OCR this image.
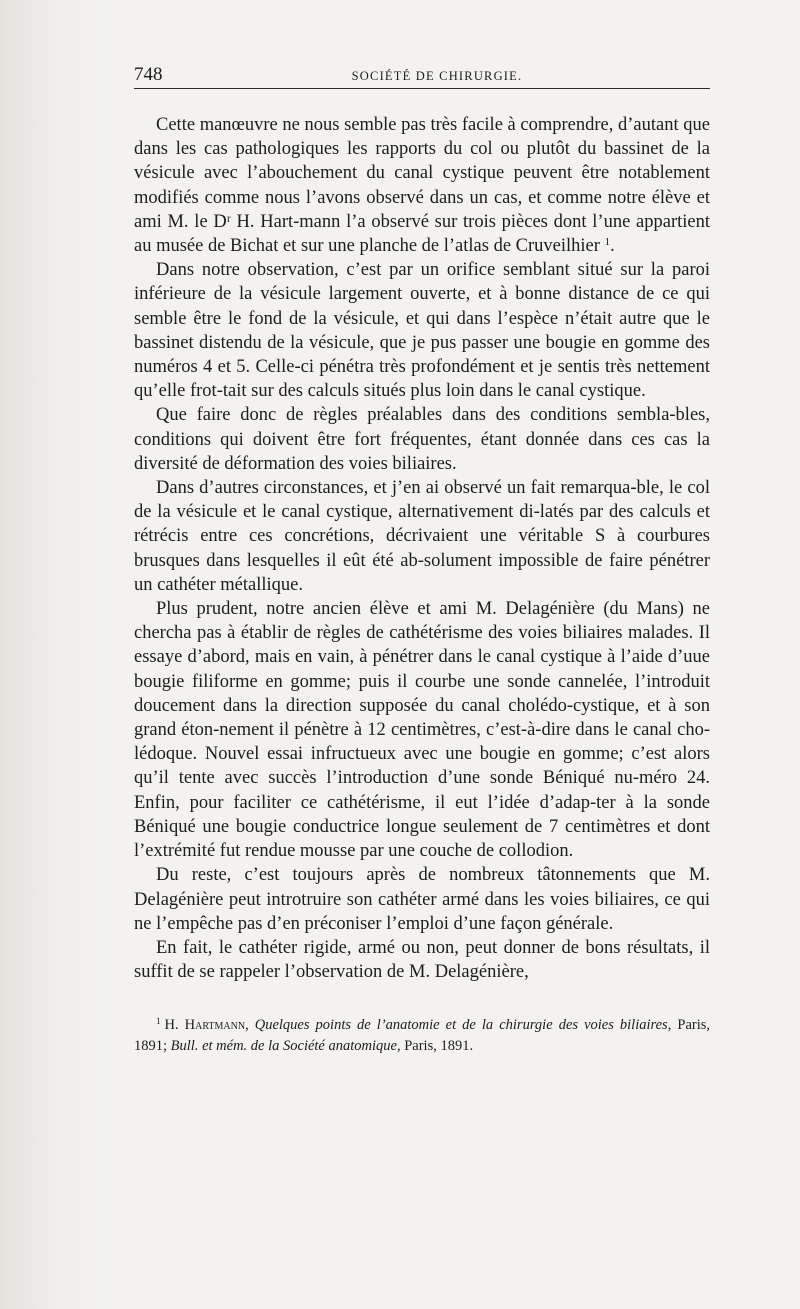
748	SOCIÉTÉ DE CHIRURGIE.

Cette manœuvre ne nous semble pas très facile à comprendre, d’autant que dans les cas pathologiques les rapports du col ou plutôt du bassinet de la vésicule avec l’abouchement du canal cystique peuvent être notablement modifiés comme nous l’avons observé dans un cas, et comme notre élève et ami M. le Dʳ H. Hart-mann l’a observé sur trois pièces dont l’une appartient au musée de Bichat et sur une planche de l’atlas de Cruveilhier $^1$.

Dans notre observation, c’est par un orifice semblant situé sur la paroi inférieure de la vésicule largement ouverte, et à bonne distance de ce qui semble être le fond de la vésicule, et qui dans l’espèce n’était autre que le bassinet distendu de la vésicule, que je pus passer une bougie en gomme des numéros 4 et 5. Celle-ci pénétra très profondément et je sentis très nettement qu’elle frot-tait sur des calculs situés plus loin dans le canal cystique.

Que faire donc de règles préalables dans des conditions sembla-bles, conditions qui doivent être fort fréquentes, étant donnée dans ces cas la diversité de déformation des voies biliaires.

Dans d’autres circonstances, et j’en ai observé un fait remarqua-ble, le col de la vésicule et le canal cystique, alternativement di-latés par des calculs et rétrécis entre ces concrétions, décrivaient une véritable S à courbures brusques dans lesquelles il eût été ab-solument impossible de faire pénétrer un cathéter métallique.

Plus prudent, notre ancien élève et ami M. Delagénière (du Mans) ne chercha pas à établir de règles de cathétérisme des voies biliaires malades. Il essaye d’abord, mais en vain, à pénétrer dans le canal cystique à l’aide d’uue bougie filiforme en gomme; puis il courbe une sonde cannelée, l’introduit doucement dans la direction supposée du canal cholédo-cystique, et à son grand éton-nement il pénètre à 12 centimètres, c’est-à-dire dans le canal cho-lédoque. Nouvel essai infructueux avec une bougie en gomme; c’est alors qu’il tente avec succès l’introduction d’une sonde Béniqué nu-méro 24. Enfin, pour faciliter ce cathétérisme, il eut l’idée d’adap-ter à la sonde Béniqué une bougie conductrice longue seulement de 7 centimètres et dont l’extrémité fut rendue mousse par une couche de collodion.

Du reste, c’est toujours après de nombreux tâtonnements que M. Delagénière peut introtruire son cathéter armé dans les voies biliaires, ce qui ne l’empêche pas d’en préconiser l’emploi d’une façon générale.

En fait, le cathéter rigide, armé ou non, peut donner de bons résultats, il suffit de se rappeler l’observation de M. Delagénière,

$^1$ H. Hartmann, Quelques points de l’anatomie et de la chirurgie des voies biliaires, Paris, 1891; Bull. et mém. de la Société anatomique, Paris, 1891.
